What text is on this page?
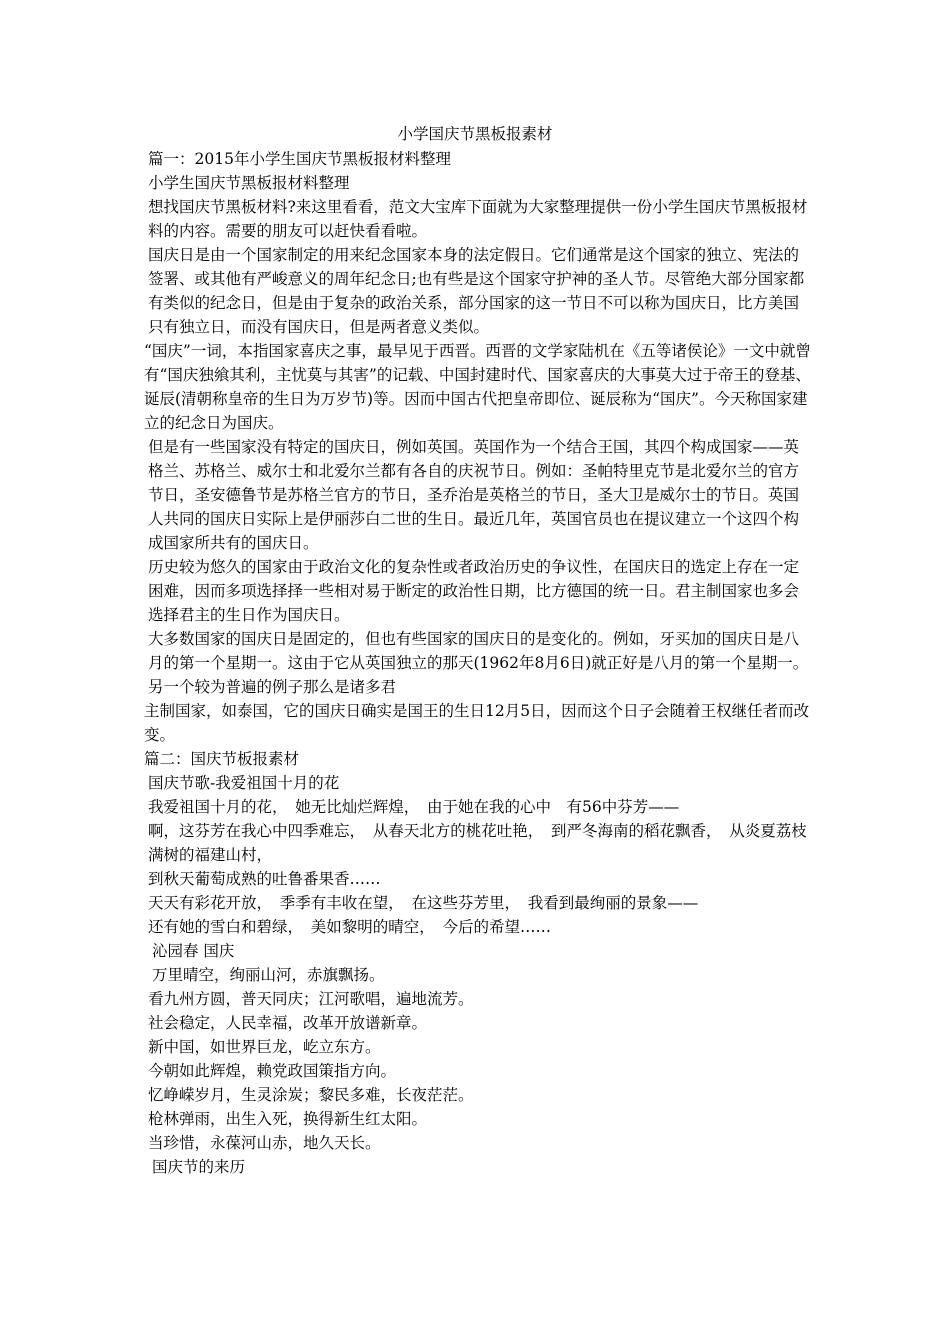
小学国庆节黑板报素材

篇一：2015年小学生国庆节黑板报材料整理

小学生国庆节黑板报材料整理

想找国庆节黑板材料?来这里看看，范文大宝库下面就为大家整理提供一份小学生国庆节黑板报材料的内容。需要的朋友可以赶快看看啦。

国庆日是由一个国家制定的用来纪念国家本身的法定假日。它们通常是这个国家的独立、宪法的签署、或其他有严峻意义的周年纪念日;也有些是这个国家守护神的圣人节。尽管绝大部分国家都有类似的纪念日，但是由于复杂的政治关系，部分国家的这一节日不可以称为国庆日，比方美国只有独立日，而没有国庆日，但是两者意义类似。

“国庆”一词，本指国家喜庆之事，最早见于西晋。西晋的文学家陆机在《五等诸侯论》一文中就曾有“国庆独飨其利，主忧莫与其害”的记载、中国封建时代、国家喜庆的大事莫大过于帝王的登基、诞辰(清朝称皇帝的生日为万岁节)等。因而中国古代把皇帝即位、诞辰称为“国庆”。今天称国家建立的纪念日为国庆。

但是有一些国家没有特定的国庆日，例如英国。英国作为一个结合王国，其四个构成国家——英格兰、苏格兰、威尔士和北爱尔兰都有各自的庆祝节日。例如：圣帕特里克节是北爱尔兰的官方节日，圣安德鲁节是苏格兰官方的节日，圣乔治是英格兰的节日，圣大卫是威尔士的节日。英国人共同的国庆日实际上是伊丽莎白二世的生日。最近几年，英国官员也在提议建立一个这四个构成国家所共有的国庆日。

历史较为悠久的国家由于政治文化的复杂性或者政治历史的争议性，在国庆日的选定上存在一定困难，因而多项选择择一些相对易于断定的政治性日期，比方德国的统一日。君主制国家也多会选择君主的生日作为国庆日。

大多数国家的国庆日是固定的，但也有些国家的国庆日的是变化的。例如，牙买加的国庆日是八月的第一个星期一。这由于它从英国独立的那天(1962年8月6日)就正好是八月的第一个星期一。另一个较为普遍的例子那么是诸多君

主制国家，如泰国，它的国庆日确实是国王的生日12月5日，因而这个日子会随着王权继任者而改变。

篇二：国庆节板报素材

国庆节歌-我爱祖国十月的花

我爱祖国十月的花，　她无比灿烂辉煌，　由于她在我的心中　有56中芬芳——

啊，这芬芳在我心中四季难忘，　从春天北方的桃花吐艳，　到严冬海南的稻花飘香，　从炎夏荔枝满树的福建山村，

到秋天葡萄成熟的吐鲁番果香……

天天有彩花开放，　季季有丰收在望，　在这些芬芳里，　我看到最绚丽的景象——

还有她的雪白和碧绿，　美如黎明的晴空，　今后的希望……

沁园春 国庆

万里晴空，绚丽山河，赤旗飘扬。

看九州方圆，普天同庆；江河歌唱，遍地流芳。

社会稳定，人民幸福，改革开放谱新章。

新中国，如世界巨龙，屹立东方。

今朝如此辉煌，赖党政国策指方向。

忆峥嵘岁月，生灵涂炭；黎民多难，长夜茫茫。

枪林弹雨，出生入死，换得新生红太阳。

当珍惜，永葆河山赤，地久天长。

国庆节的来历
